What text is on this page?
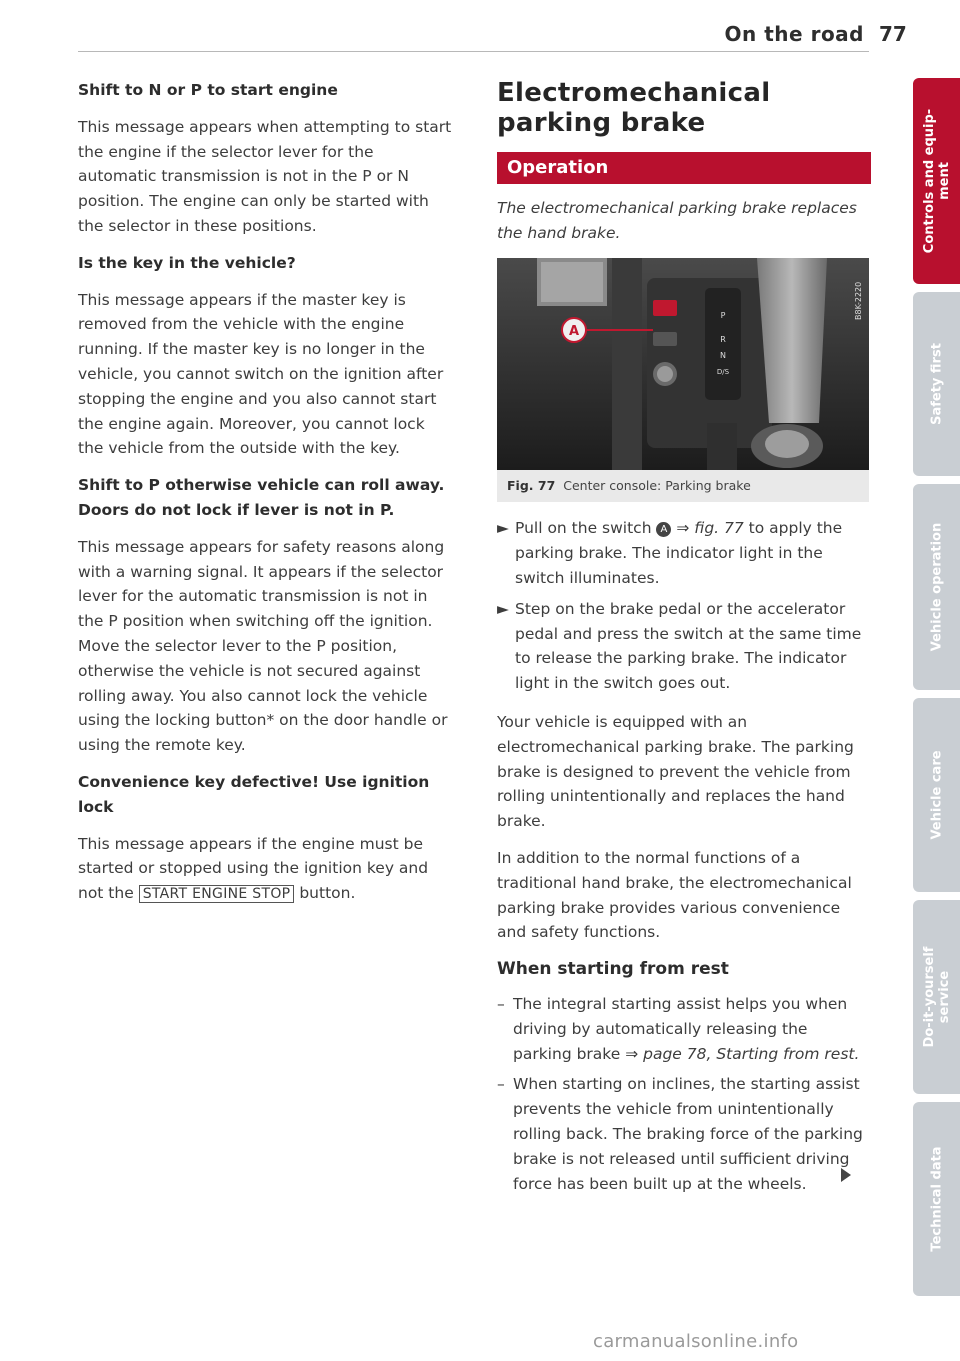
On the road 77

Shift to N or P to start engine

This message appears when attempting to start the engine if the selector lever for the automatic transmission is not in the P or N position. The engine can only be started with the selector in these positions.

Is the key in the vehicle?

This message appears if the master key is removed from the vehicle with the engine running. If the master key is no longer in the vehicle, you cannot switch on the ignition after stopping the engine and you also cannot start the engine again. Moreover, you cannot lock the vehicle from the outside with the key.

Shift to P otherwise vehicle can roll away. Doors do not lock if lever is not in P.

This message appears for safety reasons along with a warning signal. It appears if the selector lever for the automatic transmission is not in the P position when switching off the ignition. Move the selector lever to the P position, otherwise the vehicle is not secured against rolling away. You also cannot lock the vehicle using the locking button* on the door handle or using the remote key.

Convenience key defective! Use ignition lock

This message appears if the engine must be started or stopped using the ignition key and not the START ENGINE STOP button.

Electromechanical parking brake
Operation

The electromechanical parking brake replaces the hand brake.

P
R
N
D/S
A
B8K-2220
Fig. 77 Center console: Parking brake
► Pull on the switch A ⇒ fig. 77 to apply the parking brake. The indicator light in the switch illuminates.
► Step on the brake pedal or the accelerator pedal and press the switch at the same time to release the parking brake. The indicator light in the switch goes out.

Your vehicle is equipped with an electromechanical parking brake. The parking brake is designed to prevent the vehicle from rolling unintentionally and replaces the hand brake.

In addition to the normal functions of a traditional hand brake, the electromechanical parking brake provides various convenience and safety functions.

When starting from rest
– The integral starting assist helps you when driving by automatically releasing the parking brake ⇒ page 78, Starting from rest.
– When starting on inclines, the starting assist prevents the vehicle from unintentionally rolling back. The braking force of the parking brake is not released until sufficient driving force has been built up at the wheels.
Controls and equip-
ment
Safety first
Vehicle operation
Vehicle care
Do-it-yourself
service
Technical data
carmanualsonline.info
